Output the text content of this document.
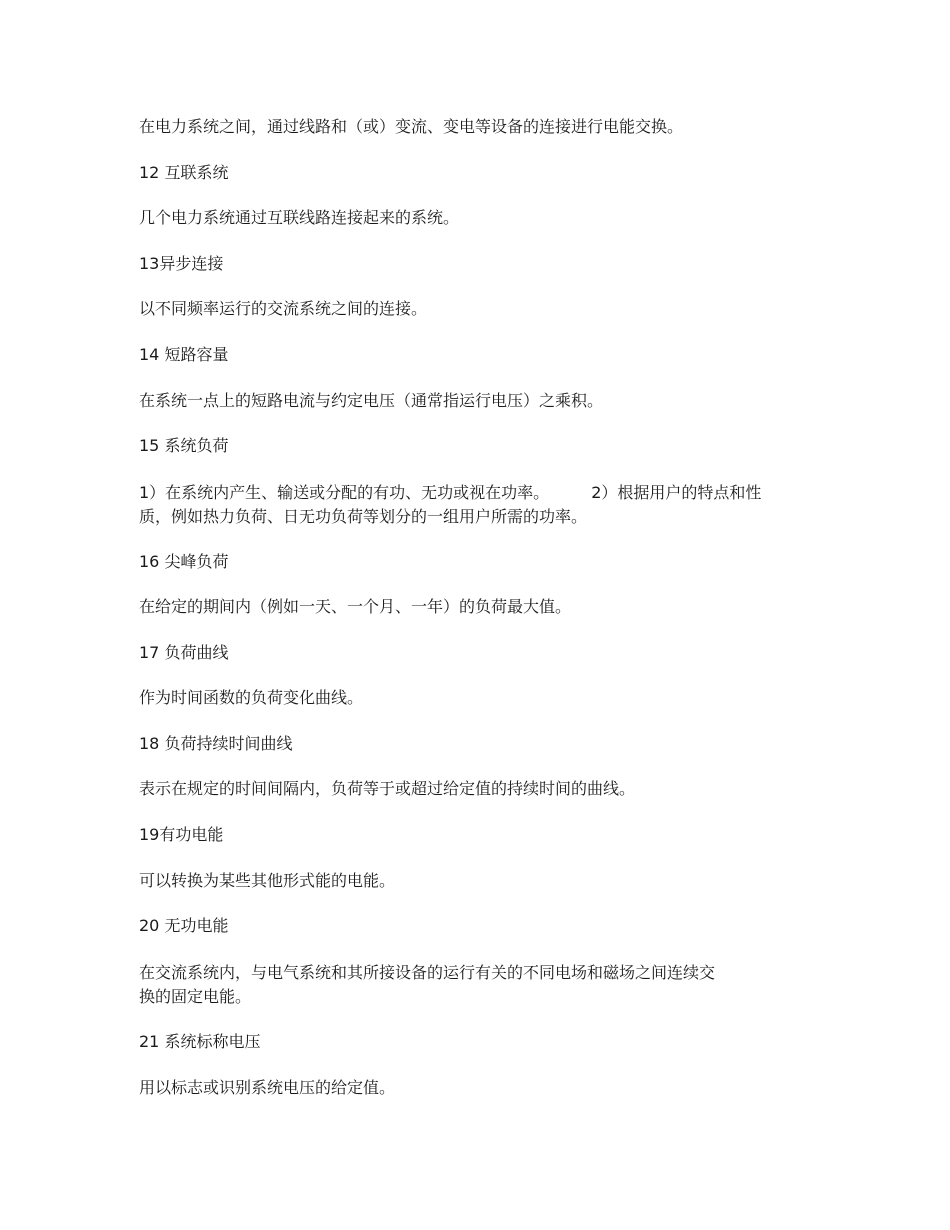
在电力系统之间，通过线路和（或）变流、变电等设备的连接进行电能交换。
12 互联系统
几个电力系统通过互联线路连接起来的系统。
13异步连接
以不同频率运行的交流系统之间的连接。
14 短路容量
在系统一点上的短路电流与约定电压（通常指运行电压）之乘积。
15 系统负荷
1）在系统内产生、输送或分配的有功、无功或视在功率。	2）根据用户的特点和性
质，例如热力负荷、日无功负荷等划分的一组用户所需的功率。
16 尖峰负荷
在给定的期间内（例如一天、一个月、一年）的负荷最大值。
17 负荷曲线
作为时间函数的负荷变化曲线。
18 负荷持续时间曲线
表示在规定的时间间隔内，负荷等于或超过给定值的持续时间的曲线。
19有功电能
可以转换为某些其他形式能的电能。
20 无功电能
在交流系统内，与电气系统和其所接设备的运行有关的不同电场和磁场之间连续交
换的固定电能。
21 系统标称电压
用以标志或识别系统电压的给定值。
